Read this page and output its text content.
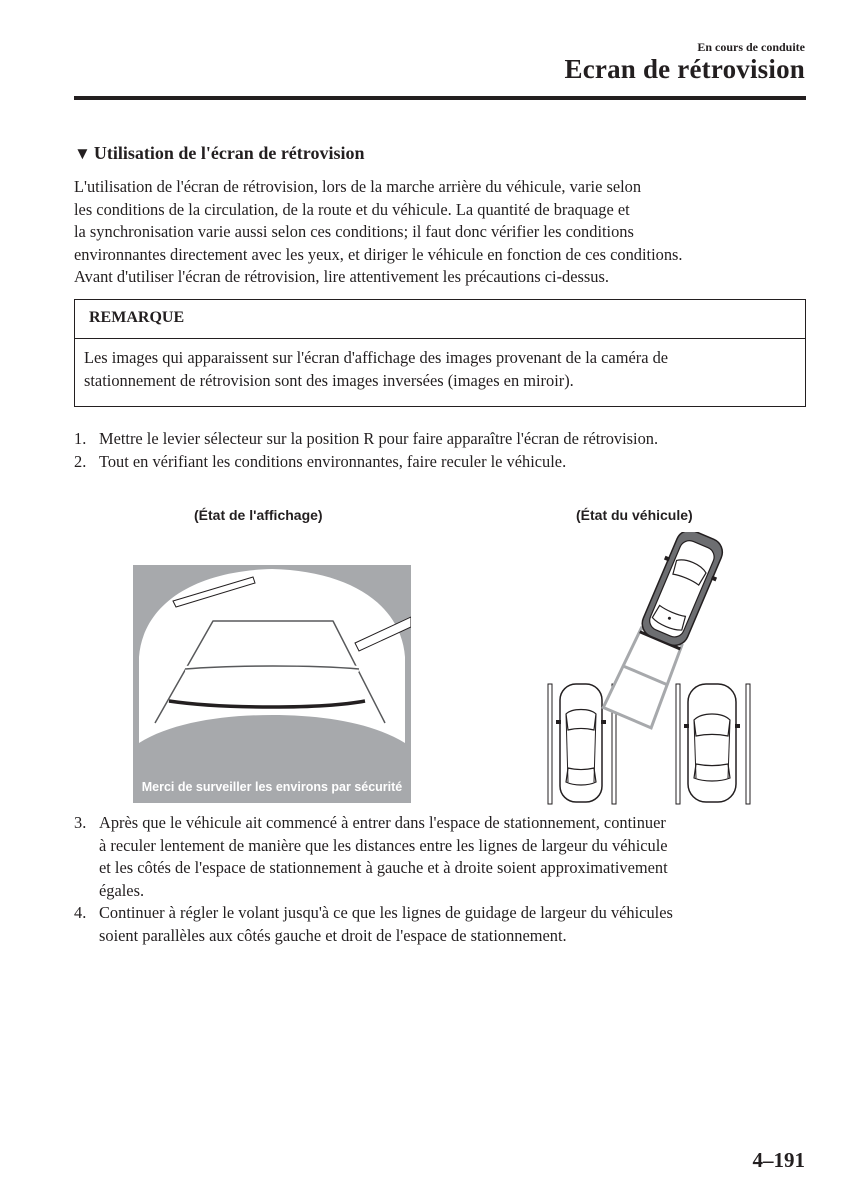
En cours de conduite
Ecran de rétrovision
▼ Utilisation de l'écran de rétrovision
L'utilisation de l'écran de rétrovision, lors de la marche arrière du véhicule, varie selon
les conditions de la circulation, de la route et du véhicule. La quantité de braquage et
la synchronisation varie aussi selon ces conditions; il faut donc vérifier les conditions
environnantes directement avec les yeux, et diriger le véhicule en fonction de ces conditions.
Avant d'utiliser l'écran de rétrovision, lire attentivement les précautions ci-dessus.
REMARQUE
Les images qui apparaissent sur l'écran d'affichage des images provenant de la caméra de
stationnement de rétrovision sont des images inversées (images en miroir).
1. Mettre le levier sélecteur sur la position R pour faire apparaître l'écran de rétrovision.
2. Tout en vérifiant les conditions environnantes, faire reculer le véhicule.
(État de l'affichage)	(État du véhicule)
Merci de surveiller les environs par sécurité
3. Après que le véhicule ait commencé à entrer dans l'espace de stationnement, continuer
à reculer lentement de manière que les distances entre les lignes de largeur du véhicule
et les côtés de l'espace de stationnement à gauche et à droite soient approximativement
égales.
4. Continuer à régler le volant jusqu'à ce que les lignes de guidage de largeur du véhicules
soient parallèles aux côtés gauche et droit de l'espace de stationnement.
4–191
